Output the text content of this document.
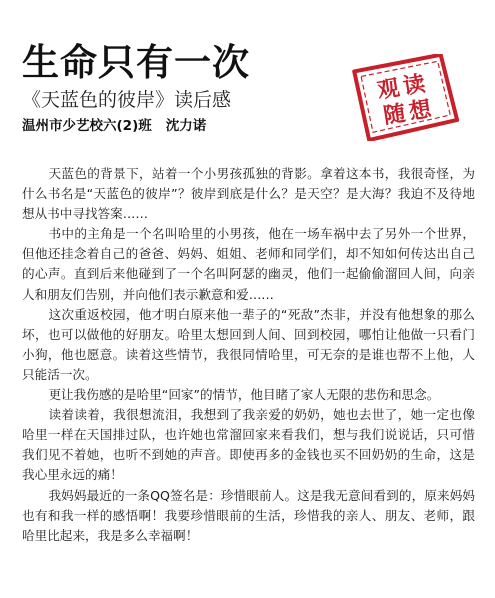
生命只有一次
《天蓝色的彼岸》读后感
温州市少艺校六(2)班 沈力诺
观读
随想

天蓝色的背景下，站着一个小男孩孤独的背影。拿着这本书，我很奇怪，为什么书名是“天蓝色的彼岸”？彼岸到底是什么？是天空？是大海？我迫不及待地想从书中寻找答案……

书中的主角是一个名叫哈里的小男孩，他在一场车祸中去了另外一个世界，但他还挂念着自己的爸爸、妈妈、姐姐、老师和同学们，却不知如何传达出自己的心声。直到后来他碰到了一个名叫阿瑟的幽灵，他们一起偷偷溜回人间，向亲人和朋友们告别，并向他们表示歉意和爱……

这次重返校园，他才明白原来他一辈子的“死敌”杰非，并没有他想象的那么坏，也可以做他的好朋友。哈里太想回到人间、回到校园，哪怕让他做一只看门小狗，他也愿意。读着这些情节，我很同情哈里，可无奈的是谁也帮不上他，人只能活一次。

更让我伤感的是哈里“回家”的情节，他目睹了家人无限的悲伤和思念。

读着读着，我很想流泪，我想到了我亲爱的奶奶，她也去世了，她一定也像哈里一样在天国排过队，也许她也常溜回家来看我们，想与我们说说话，只可惜我们见不着她，也听不到她的声音。即使再多的金钱也买不回奶奶的生命，这是我心里永远的痛！

我妈妈最近的一条QQ签名是：珍惜眼前人。这是我无意间看到的，原来妈妈也有和我一样的感悟啊！我要珍惜眼前的生活，珍惜我的亲人、朋友、老师，跟哈里比起来，我是多么幸福啊！
